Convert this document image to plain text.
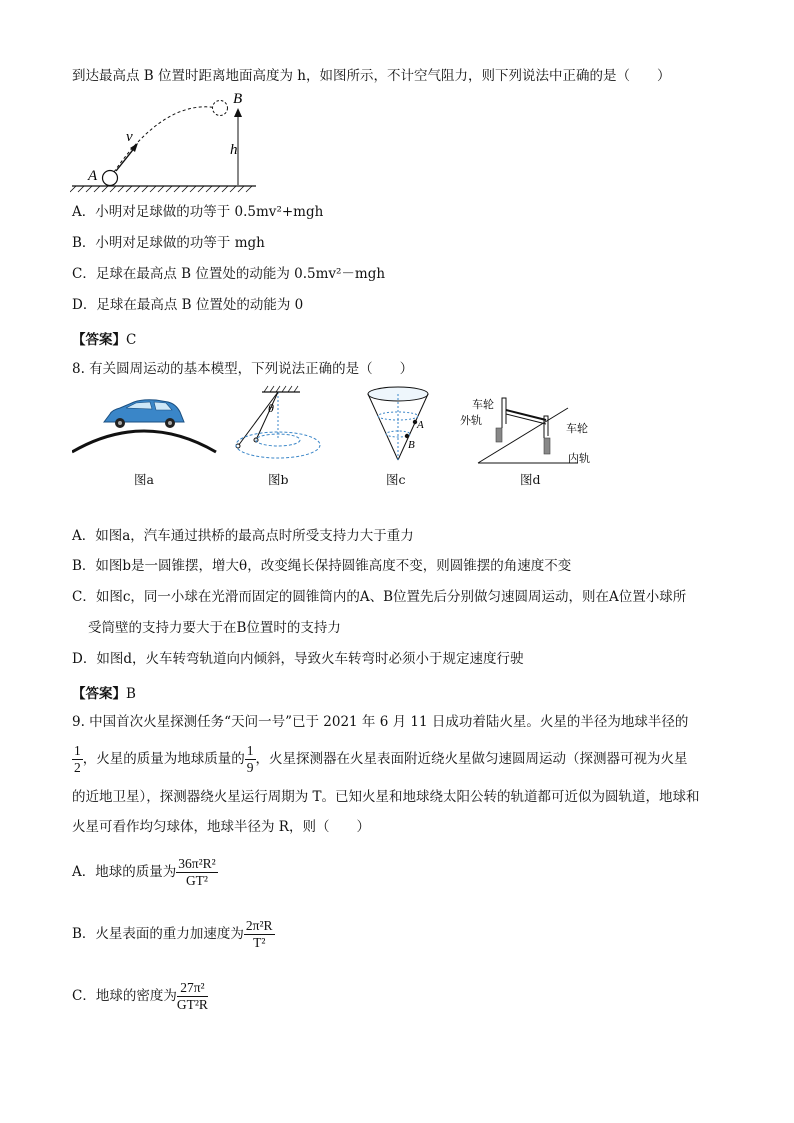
到达最高点 B 位置时距离地面高度为 h，如图所示，不计空气阻力，则下列说法中正确的是（　　）
A
B
v
h
A．小明对足球做的功等于 0.5mv²+mgh
B．小明对足球做的功等于 mgh
C．足球在最高点 B 位置处的动能为 0.5mv²－mgh
D．足球在最高点 B 位置处的动能为 0
【答案】C
8. 有关圆周运动的基本模型，下列说法正确的是（　　）
图a
θ
图b
A
B
图c
车轮
外轨
车轮
内轨
图d
A．如图a，汽车通过拱桥的最高点时所受支持力大于重力
B．如图b是一圆锥摆，增大θ，改变绳长保持圆锥高度不变，则圆锥摆的角速度不变
C．如图c，同一小球在光滑而固定的圆锥筒内的A、B位置先后分别做匀速圆周运动，则在A位置小球所
受筒壁的支持力要大于在B位置时的支持力
D．如图d，火车转弯轨道向内倾斜，导致火车转弯时必须小于规定速度行驶
【答案】B
9. 中国首次火星探测任务“天问一号”已于 2021 年 6 月 11 日成功着陆火星。火星的半径为地球半径的
$\frac{1}{2}$ ，火星的质量为地球质量的 $\frac{1}{9}$ ，火星探测器在火星表面附近绕火星做匀速圆周运动（探测器可视为火星
的近地卫星），探测器绕火星运行周期为 T。已知火星和地球绕太阳公转的轨道都可近似为圆轨道，地球和
火星可看作均匀球体，地球半径为 R，则（　　）
A．地球的质量为 $\frac{\text{36π²R²}}{\text{GT²}}$
B．火星表面的重力加速度为 $\frac{\text{2π²R}}{\text{T²}}$
C．地球的密度为 $\frac{\text{27π²}}{\text{GT²R}}$
